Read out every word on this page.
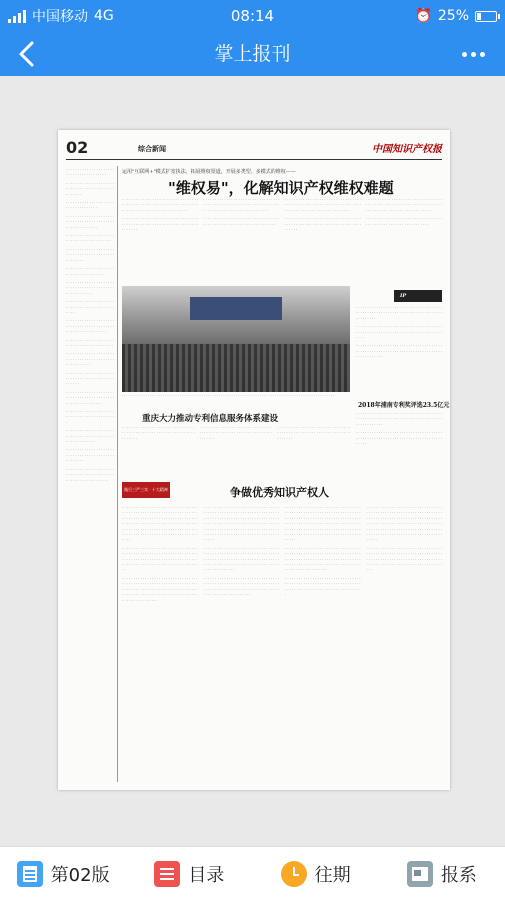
中国移动 4G	08:14	⏰ 25%
掌上报刊
02	综合新闻	中国知识产权报

· · · · · · · · · · · · · · · · · · · · · · · · · · · · · · · · · · · · · · ·

· · · · · · · · · · · · · · · · · · · · · · · · · · · · · · · · · · · · · · · · · · · · · · · · ·

· · · · · · · · · · · · · · · · · · · · · · · · · · · · · · · · · · ·

· · · · · · · · · · · · · · · · · · · · · · · · · · · · · · · · · · · · · · · · · · · · · · · · · · · · · · · ·

· · · · · · · · · · · · · · · · · · · · · · · · · · · · · · · · · · · · · · · · ·

· · · · · · · · · · · · · · · · · · · · · · · · · · · · · · · · · · · · · · · · · · · · · · · · · ·

· · · · · · · · · · · · · · · · · · · · · · · · · · · · · · · · · · · · · ·

· · · · · · · · · · · · · · · · · · · · · · · · · · · · · · · · · · · · · · · · · · · · · · · · · · · · · ·

· · · · · · · · · · · · · · · · · · · · · · · · · · · · · · · · · · · · · · · · · · · · · ·

· · · · · · · · · · · · · · · · · · · · · · · · · · · · · · · · · · · · · · · · · · · · · · · · · · · · · · · · · · · ·

· · · · · · · · · · · · · · · · · · · · · · · · · · · · · · · · · · · · · · · · · ·

· · · · · · · · · · · · · · · · · · · · · · · · · · · · · · · · · · · · · · · · · · · · · · · · · · · · ·

· · · · · · · · · · · · · · · · · · · · · · · · · · · · · · · · · · · · · · · · · · · · · · · ·

· · · · · · · · · · · · · · · · · · · · · · · · · · · · · · · · · · · · · · · · · · · · · · · · · · · · · · · · · ·

· · · · · · · · · · · · · · · · · · · · · · · · · · · · · · · · · · · · · · · · · · ·

· · · · · · · · · · · · · · · · · · · · · · · · · · · · · · · · · · · · · · · · · · · · · · · · · · · · · · ·

· · · · · · · · · · · · · · · · · · · · · · · · · · · · · · · · · · · · · · · · · · · · · · · · · ·

· · · · · · · · · · · · · · · · · · · · · · · · · · · · · · · · · · · · · · · · · · · · · · · · · · · · · · · · · · · · ·

运用"互联网+"模式扩宽执法、拓展维权渠道，开展多类型、多模式的维权——
"维权易"，化解知识产权维权难题

· · · · · · · · · · · · · · · · · · · · · · · · · · · · · · · · · · · · · · · · · · · · · · · · · · · · · · · · · · · · · · · · · · · · · · · · · · · · · · · · · · · · · · · · · · · · · · ·

· · · · · · · · · · · · · · · · · · · · · · · · · · · · · · · · · · · · · · · · · · · · · · · · · · · · · · · · · · · · · · · · · · · · · · · · ·

· · · · · · · · · · · · · · · · · · · · · · · · · · · · · · · · · · · · · · · · · · · · · · · · · · · · · · · · · · · · · · · · · · · · · · · · · · · · · · · · · · · · · · · · · · · · · · ·

· · · · · · · · · · · · · · · · · · · · · · · · · · · · · · · · · · · · · · · · · · · · · · · · · · · · · · · · · · · · · · · · ·

· · · · · · · · · · · · · · · · · · · · · · · · · · · · · · · · · · · · · · · · · · · · · · · · · · · · · · · · · · · · · · · · · · · · · · · · · · · · · · · · · · · · · · · · · · · · · · ·

· · · · · · · · · · · · · · · · · · · · · · · · · · · · · · · · · · · · · · · · · · · · · · · · · · · · · · · · · · · · · · · · · · · · · · · ·

· · · · · · · · · · · · · · · · · · · · · · · · · · · · · · · · · · · · · · · · · · · · · · · · · · · · · · · · · · · · · · · · · · · · · · · · · · · · · · · · · · · · · · · · · · · · · · ·

· · · · · · · · · · · · · · · · · · · · · · · · · · · · · · · · · · · · · · · · · · · · · · · · · · · · · · · · · · · · ·

IP
· · · · · · · · · · · · · · · · · · · · · · · · · · · · · · · · · · · · · · · · · · · · · · · · · · · · · · · · · · · · · · · · · · · · · · · · · · · · · · · · · · · · · · · · · · · · · · · · · · ·

· · · · · · · · · · · · · · · · · · · · · · · · · · · · · · · · · · · · · · · · · · · · · · · · · · · · · · · · · · · · · · · · · · · · · · · · · · · · · · · · · · · · ·

· · · · · · · · · · · · · · · · · · · · · · · · · · · · · · · · · · · · · · · · · · · · · · · · · · · · · · · · · · · · · · · · · · · · · · · · · · · · · · · ·

· · · · · · · · · · · · · · · · · · · · · · · · · · · · · · · · · · · · · · · · · · · · · · · · · · · · · · · · · · · · · · · · · · · · · · · · · · · · · · · · · · · · · · · ·

重庆大力推动专利信息服务体系建设

· · · · · · · · · · · · · · · · · · · · · · · · · · · · · · · · · · · · · · · · · · · · · · · · · · · · · · · · · · · · · · · · · · · · · · ·

· · · · · · · · · · · · · · · · · · · · · · · · · · · · · · · · · · · · · · · · · · · · · · · · · · · · · · · · · · · · · · · · · · · · · · ·

· · · · · · · · · · · · · · · · · · · · · · · · · · · · · · · · · · · · · · · · · · · · · · · · · · · · · · · · · · · · · · · · · · · · · · ·

2018年浦南专利奖评选23.5亿元

· · · · · · · · · · · · · · · · · · · · · · · · · · · · · · · · · · · · · · · · · · · · · · · · · · · · · · · · · · · · · · · · · · · · · · · · · · · · · · · · · · · · · · · ·

· · · · · · · · · · · · · · · · · · · · · · · · · · · · · · · · · · · · · · · · · · · · · · · · · · · · · · · · · · · · · · · · · · · · · · · · · · · · · · · · ·

践行三严三实 · 十大精神	争做优秀知识产权人

· · · · · · · · · · · · · · · · · · · · · · · · · · · · · · · · · · · · · · · · · · · · · · · · · · · · · · · · · · · · · · · · · · · · · · · · · · · · · · · · · · · · · · · · · · · · · · · · · · · · · · · · · · · · · · · · · · · · · · · · · · · · · · · · · · · · · · · · · · · · · · · · · · · · · · · · · · · · · · · · · · · · · · · · · · · · · · · · · · · · · · · · · · · · · · · · · · · · · · · · · ·

· · · · · · · · · · · · · · · · · · · · · · · · · · · · · · · · · · · · · · · · · · · · · · · · · · · · · · · · · · · · · · · · · · · · · · · · · · · · · · · · · · · · · · · · · · · · · · · · · · · · · · · · · · · · · · · · · · · · · · · · · · · · · · · · · · · · · ·

· · · · · · · · · · · · · · · · · · · · · · · · · · · · · · · · · · · · · · · · · · · · · · · · · · · · · · · · · · · · · · · · · · · · · · · · · · · · · · · · · · · · · · · · · · · · · · · · · · · · · · · · · · · · · · · · · · · · · · · · · · · · · · · · · · · · · · · · · · · · · · · · · · · ·

· · · · · · · · · · · · · · · · · · · · · · · · · · · · · · · · · · · · · · · · · · · · · · · · · · · · · · · · · · · · · · · · · · · · · · · · · · · · · · · · · · · · · · · · · · · · · · · · · · · · · · · · · · · · · · · · · · · · · · · · · · · · · · · · · · · · · · · · · · · · · · · · · · · · · · · · · · · · · · · · · · · · · · · · · · · · · · · · · · · · · · · · · · · · · · · · · · · · · · · · · · ·

· · · · · · · · · · · · · · · · · · · · · · · · · · · · · · · · · · · · · · · · · · · · · · · · · · · · · · · · · · · · · · · · · · · · · · · · · · · · · · · · · · · · · · · · · · · · · · · · · · · · · · · · · · · · · · · · · · · · · · · · · · · · · · · · · · · · · · · · · · · · · · · · · ·

· · · · · · · · · · · · · · · · · · · · · · · · · · · · · · · · · · · · · · · · · · · · · · · · · · · · · · · · · · · · · · · · · · · · · · · · · · · · · · · · · · · · · · · · · · · · · · · · · · · · · · · · · · · · · · · · · · · · · · · ·

· · · · · · · · · · · · · · · · · · · · · · · · · · · · · · · · · · · · · · · · · · · · · · · · · · · · · · · · · · · · · · · · · · · · · · · · · · · · · · · · · · · · · · · · · · · · · · · · · · · · · · · · · · · · · · · · · · · · · · · · · · · · · · · · · · · · · · · · · · · · · · · · · · · · · · · · · · · · · · · · · · · · · · · · · · · · · · · · · · · · · · · · · · · · · · · · · · · · · · · · · · ·

· · · · · · · · · · · · · · · · · · · · · · · · · · · · · · · · · · · · · · · · · · · · · · · · · · · · · · · · · · · · · · · · · · · · · · · · · · · · · · · · · · · · · · · · · · · · · · · · · · · · · · · · · · · · · · · · · · · · · · · · · · · · · · · · · · · · · · · · · · · · · · · · · · · · · · ·

· · · · · · · · · · · · · · · · · · · · · · · · · · · · · · · · · · · · · · · · · · · · · · · · · · · · · · · · · · · · · · · · · · · · · · · · · · · · · · · · · · · · · · · · · · · · · · · · · · · ·

· · · · · · · · · · · · · · · · · · · · · · · · · · · · · · · · · · · · · · · · · · · · · · · · · · · · · · · · · · · · · · · · · · · · · · · · · · · · · · · · · · · · · · · · · · · · · · · · · · · · · · · · · · · · · · · · · · · · · · · · · · · · · · · · · · · · · · · · · · · · · · · · · · · · · · · · · · · · · · · · · · · · · · · · · · · · · · · · · · · · · · · · · · · · · · · · · · · · · · · · · · ·

· · · · · · · · · · · · · · · · · · · · · · · · · · · · · · · · · · · · · · · · · · · · · · · · · · · · · · · · · · · · · · · · · · · · · · · · · · · · · · · · · · · · · · · · · · · · · · · · · · · · · · · · · · · · · · · · · · · · · · · · · · · · · · · · · · · · · · ·

第02版	目录	往期	报系
